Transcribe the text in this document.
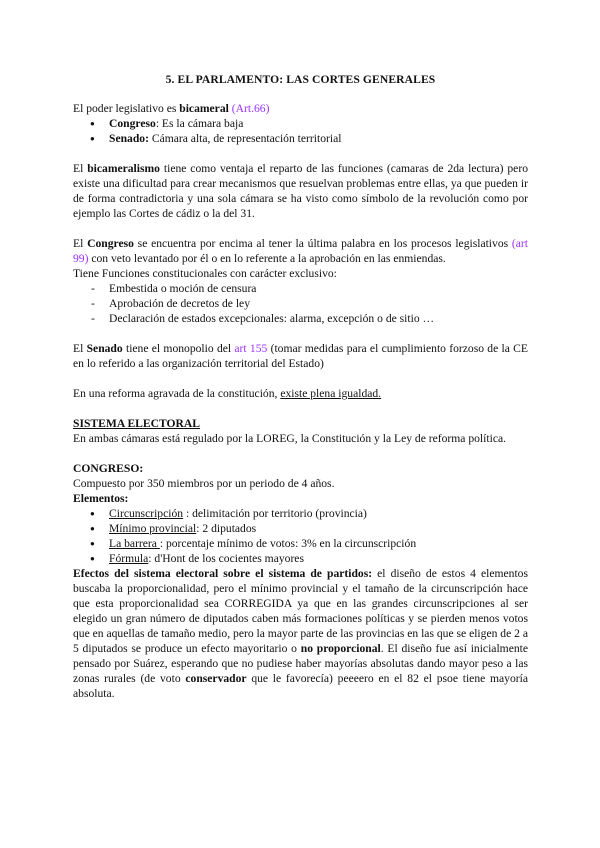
5. EL PARLAMENTO: LAS CORTES GENERALES

El poder legislativo es bicameral (Art.66)

● Congreso: Es la cámara baja
● Senado: Cámara alta, de representación territorial

El bicameralismo tiene como ventaja el reparto de las funciones (camaras de 2da lectura) pero existe una dificultad para crear mecanismos que resuelvan problemas entre ellas, ya que pueden ir de forma contradictoria y una sola cámara se ha visto como símbolo de la revolución como por ejemplo las Cortes de cádiz o la del 31.

El Congreso se encuentra por encima al tener la última palabra en los procesos legislativos (art 99) con veto levantado por él o en lo referente a la aprobación en las enmiendas.

Tiene Funciones constitucionales con carácter exclusivo:

- Embestida o moción de censura
- Aprobación de decretos de ley
- Declaración de estados excepcionales: alarma, excepción o de sitio …

El Senado tiene el monopolio del art 155 (tomar medidas para el cumplimiento forzoso de la CE en lo referido a las organización territorial del Estado)

En una reforma agravada de la constitución, existe plena igualdad.

SISTEMA ELECTORAL

En ambas cámaras está regulado por la LOREG, la Constitución y la Ley de reforma política.

CONGRESO:

Compuesto por 350 miembros por un periodo de 4 años.

Elementos:

● Circunscripción : delimitación por territorio (provincia)
● Mínimo provincial: 2 diputados
● La barrera : porcentaje mínimo de votos: 3% en la circunscripción
● Fórmula: d'Hont de los cocientes mayores

Efectos del sistema electoral sobre el sistema de partidos: el diseño de estos 4 elementos buscaba la proporcionalidad, pero el mínimo provincial y el tamaño de la circunscripción hace que esta proporcionalidad sea CORREGIDA ya que en las grandes circunscripciones al ser elegido un gran número de diputados caben más formaciones políticas y se pierden menos votos que en aquellas de tamaño medio, pero la mayor parte de las provincias en las que se eligen de 2 a 5 diputados se produce un efecto mayoritario o no proporcional. El diseño fue así inicialmente pensado por Suárez, esperando que no pudiese haber mayorías absolutas dando mayor peso a las zonas rurales (de voto conservador que le favorecía) peeeero en el 82 el psoe tiene mayoría absoluta.
